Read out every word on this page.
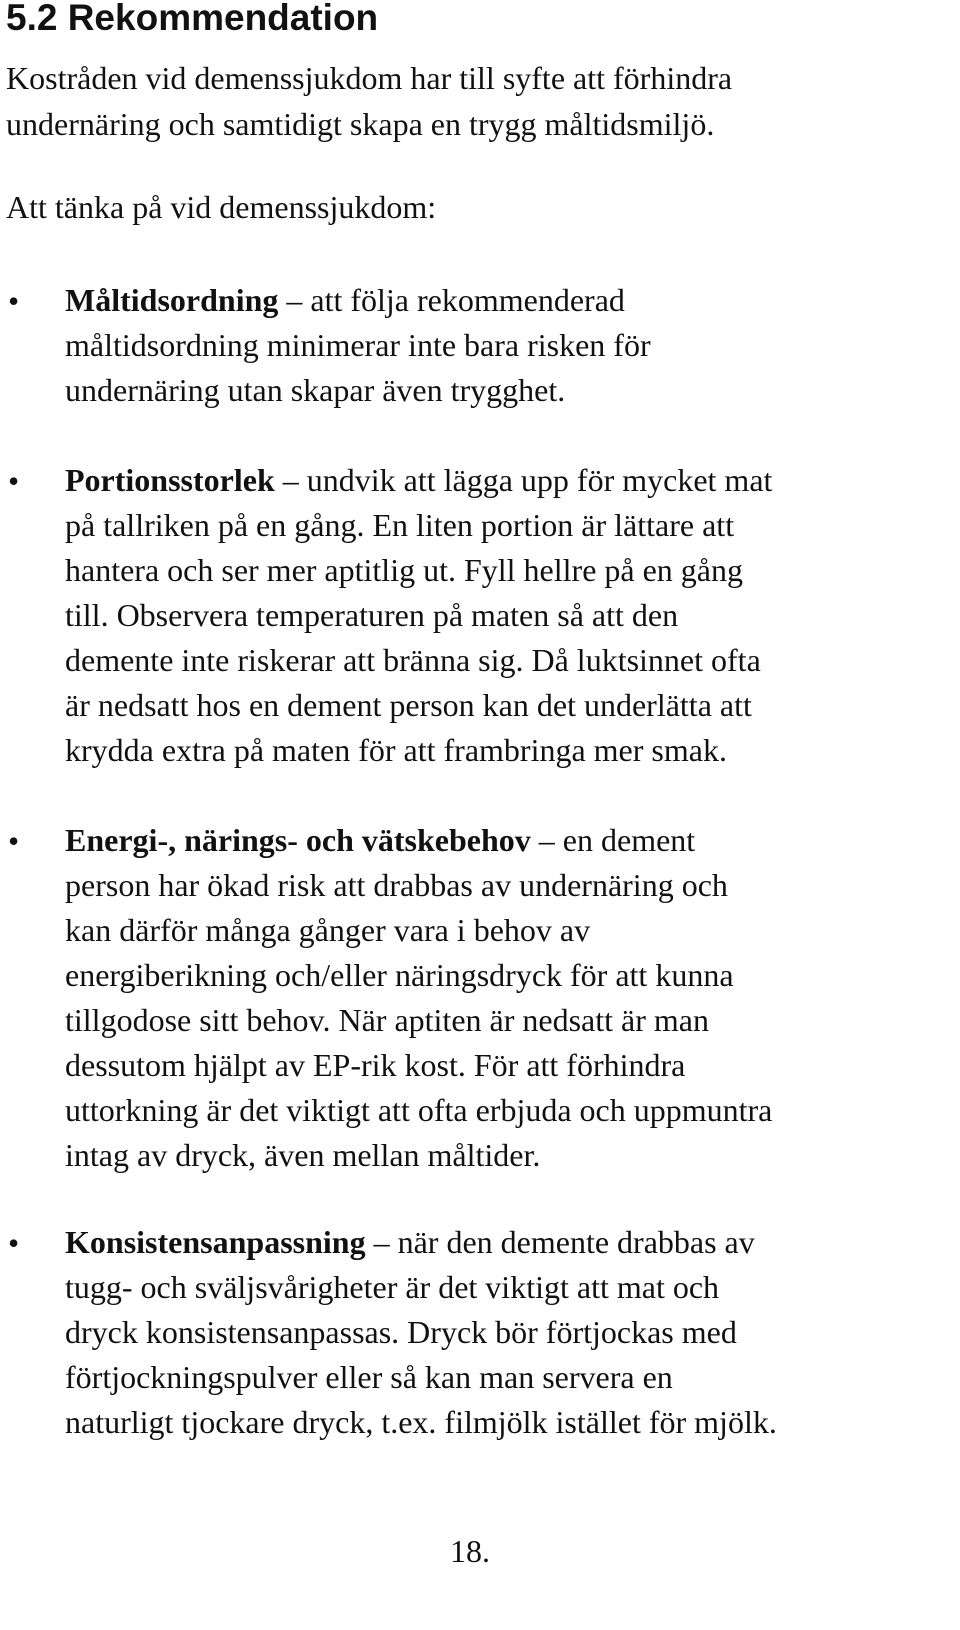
5.2 Rekommendation

Kostråden vid demenssjukdom har till syfte att förhindra
undernäring och samtidigt skapa en trygg måltidsmiljö.

Att tänka på vid demenssjukdom:

• Måltidsordning – att följa rekommenderad
måltidsordning minimerar inte bara risken för
undernäring utan skapar även trygghet.

• Portionsstorlek – undvik att lägga upp för mycket mat
på tallriken på en gång. En liten portion är lättare att
hantera och ser mer aptitlig ut. Fyll hellre på en gång
till. Observera temperaturen på maten så att den
demente inte riskerar att bränna sig. Då luktsinnet ofta
är nedsatt hos en dement person kan det underlätta att
krydda extra på maten för att frambringa mer smak.

• Energi-, närings- och vätskebehov – en dement
person har ökad risk att drabbas av undernäring och
kan därför många gånger vara i behov av
energiberikning och/eller näringsdryck för att kunna
tillgodose sitt behov. När aptiten är nedsatt är man
dessutom hjälpt av EP-rik kost. För att förhindra
uttorkning är det viktigt att ofta erbjuda och uppmuntra
intag av dryck, även mellan måltider.

• Konsistensanpassning – när den demente drabbas av
tugg- och sväljsvårigheter är det viktigt att mat och
dryck konsistensanpassas. Dryck bör förtjockas med
förtjockningspulver eller så kan man servera en
naturligt tjockare dryck, t.ex. filmjölk istället för mjölk.

18.
